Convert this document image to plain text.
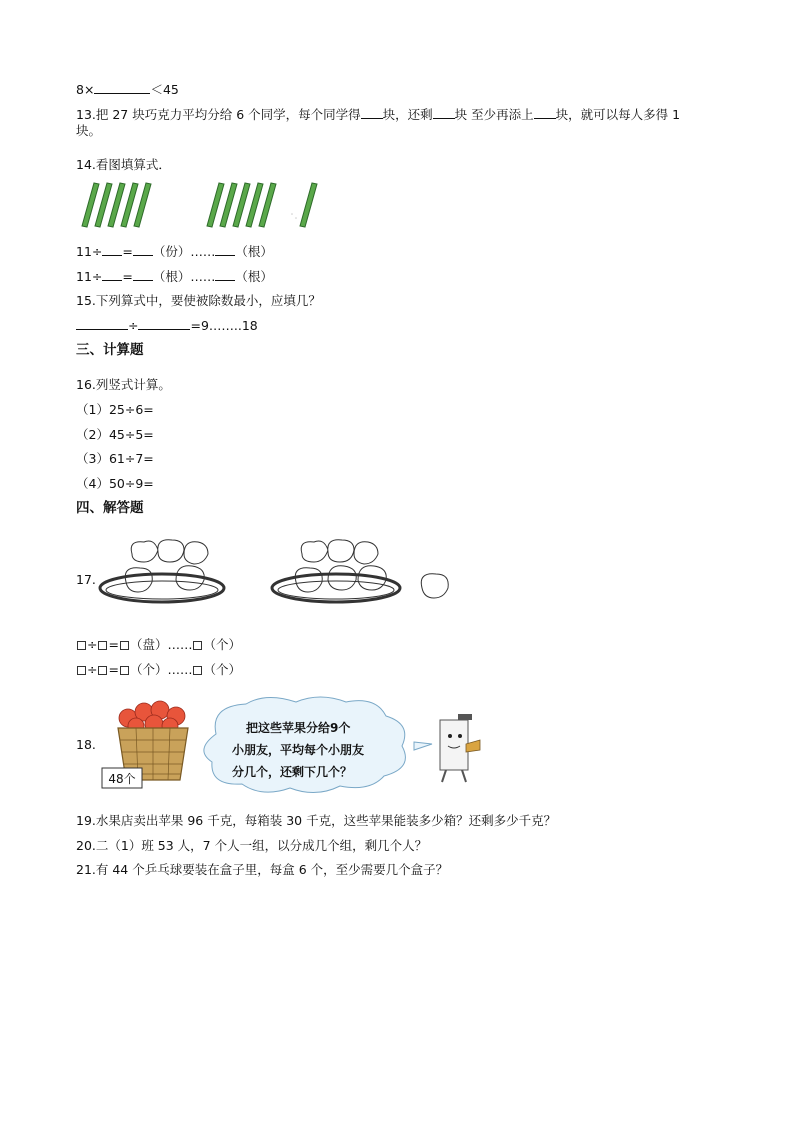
8×	＜45
13.把 27 块巧克力平均分给 6 个同学，每个同学得 块，还剩 块 至少再添上 块，就可以每人多得 1
块。
14.看图填算式．
11÷ = （份）…… （根）
11÷ = （根）…… （根）
15.下列算式中，要使被除数最小，应填几？
÷	=9……..18
三、计算题
16.列竖式计算。
（1）25÷6=
（2）45÷5=
（3）61÷7=
（4）50÷9=
四、解答题
17.
÷ = （盘）…… （个）
÷ = （个）…… （个）
18.
48个
把这些苹果分给9个
小朋友，平均每个小朋友
分几个，还剩下几个？
19.水果店卖出苹果 96 千克，每箱装 30 千克，这些苹果能装多少箱？还剩多少千克？
20.二（1）班 53 人，7 个人一组，以分成几个组，剩几个人？
21.有 44 个乒乓球要装在盒子里，每盒 6 个，至少需要几个盒子？
